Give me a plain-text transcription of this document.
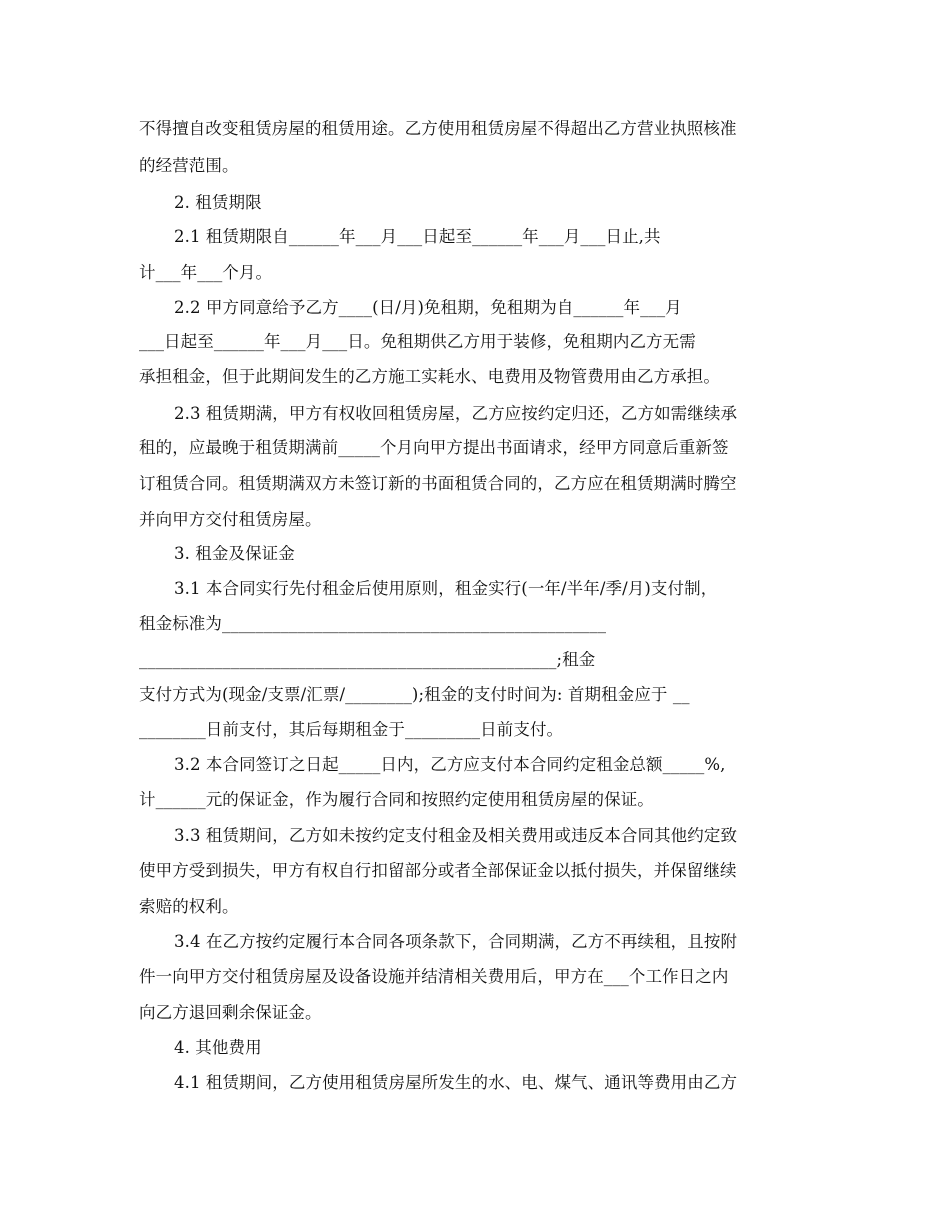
不得擅自改变租赁房屋的租赁用途。乙方使用租赁房屋不得超出乙方营业执照核准
的经营范围。
2. 租赁期限
2.1 租赁期限自______年___月___日起至______年___月___日止,共
计___年___个月。
2.2 甲方同意给予乙方____(日/月)免租期，免租期为自______年___月
___日起至______年___月___日。免租期供乙方用于装修，免租期内乙方无需
承担租金，但于此期间发生的乙方施工实耗水、电费用及物管费用由乙方承担。
2.3 租赁期满，甲方有权收回租赁房屋，乙方应按约定归还，乙方如需继续承
租的，应最晚于租赁期满前_____个月向甲方提出书面请求，经甲方同意后重新签
订租赁合同。租赁期满双方未签订新的书面租赁合同的，乙方应在租赁期满时腾空
并向甲方交付租赁房屋。
3. 租金及保证金
3.1 本合同实行先付租金后使用原则，租金实行(一年/半年/季/月)支付制，
租金标准为______________________________________________
__________________________________________________;租金
支付方式为(现金/支票/汇票/________);租金的支付时间为: 首期租金应于 __
________日前支付，其后每期租金于_________日前支付。
3.2 本合同签订之日起_____日内，乙方应支付本合同约定租金总额_____%,
计______元的保证金，作为履行合同和按照约定使用租赁房屋的保证。
3.3 租赁期间，乙方如未按约定支付租金及相关费用或违反本合同其他约定致
使甲方受到损失，甲方有权自行扣留部分或者全部保证金以抵付损失，并保留继续
索赔的权利。
3.4 在乙方按约定履行本合同各项条款下，合同期满，乙方不再续租，且按附
件一向甲方交付租赁房屋及设备设施并结清相关费用后，甲方在___个工作日之内
向乙方退回剩余保证金。
4. 其他费用
4.1 租赁期间，乙方使用租赁房屋所发生的水、电、煤气、通讯等费用由乙方
